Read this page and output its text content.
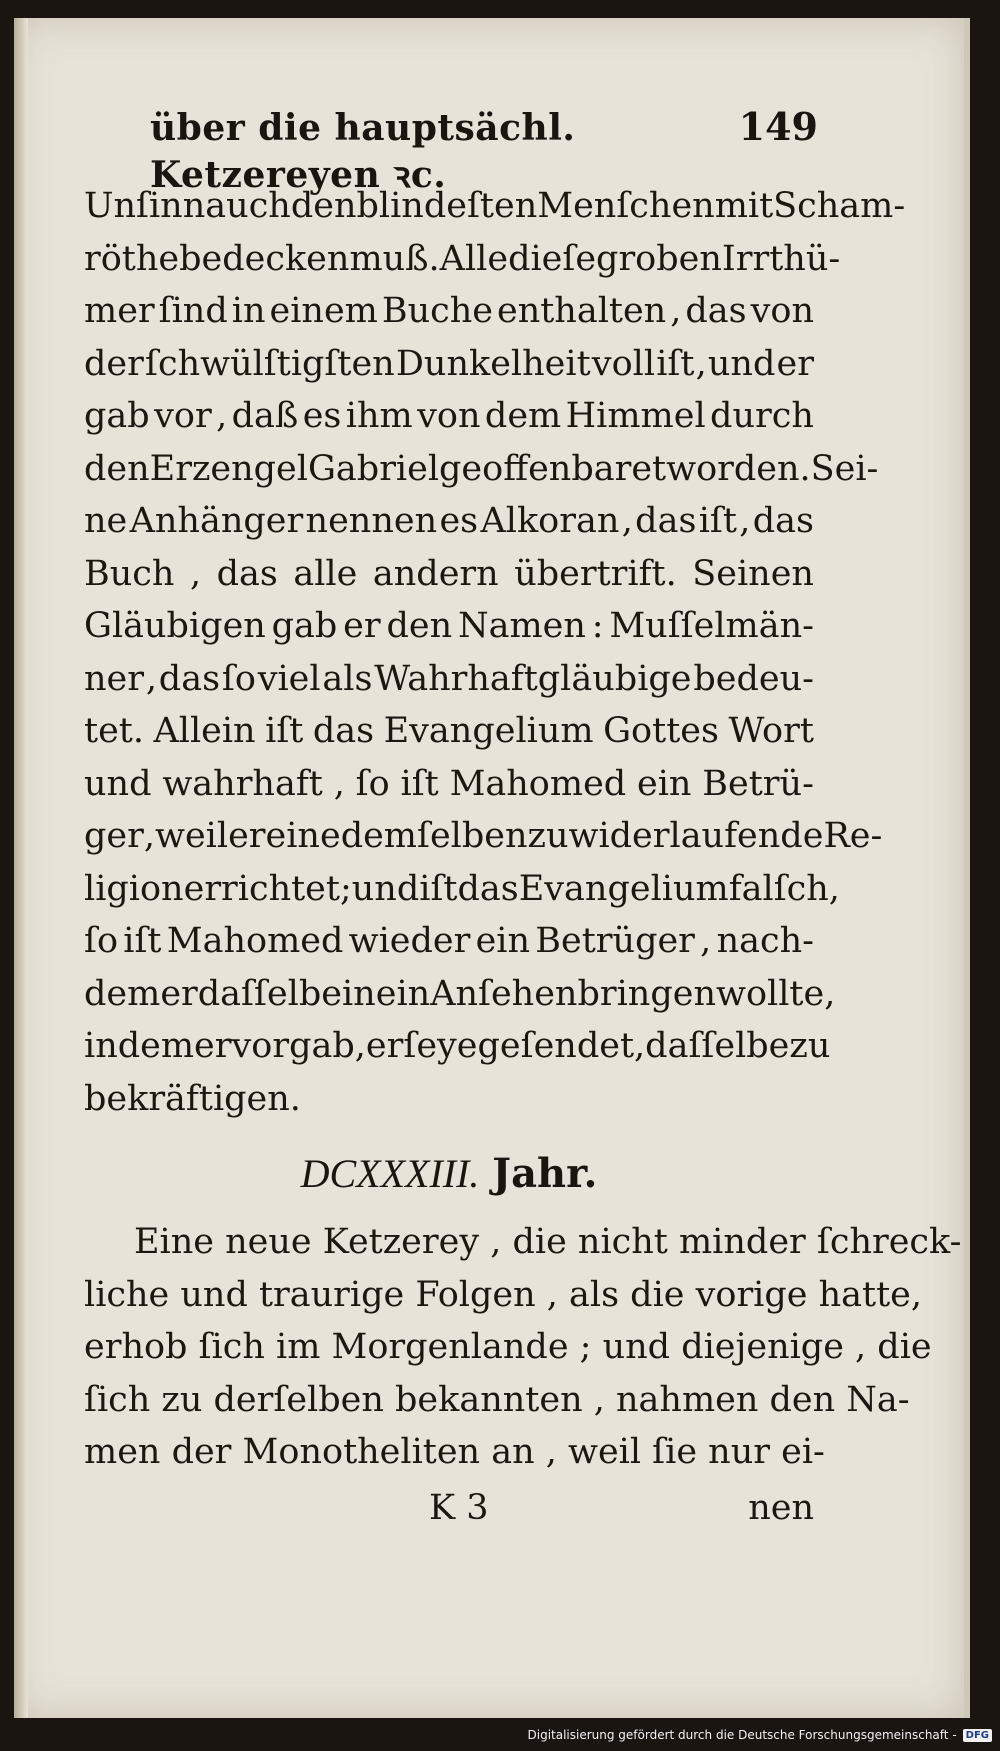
über die hauptsächl. Ketzereyen ꝛc.
149
Unſinn auch den blindeſten Menſchen mit Scham-
röthe bedecken muß. Alle dieſe groben Irrthü-
mer ſind in einem Buche enthalten , das von
der ſchwülſtigſten Dunkelheit voll iſt , und er
gab vor , daß es ihm von dem Himmel durch
den Erzengel Gabriel geoffenbaret worden. Sei-
ne Anhänger nennen es Alkoran , das iſt , das
Buch , das alle andern übertrift. Seinen
Gläubigen gab er den Namen : Muſſelmän-
ner , das ſo viel als Wahrhaftgläubige bedeu-
tet. Allein iſt das Evangelium Gottes Wort
und wahrhaft , ſo iſt Mahomed ein Betrü-
ger , weil er eine demſelben zuwiderlaufende Re-
ligion errichtet ; und iſt das Evangelium falſch,
ſo iſt Mahomed wieder ein Betrüger , nach-
dem er daſſelbe in ein Anſehen bringen wollte ,
indem er vorgab , er ſeye geſendet , daſſelbe zu
bekräftigen.
DCXXXIII. Jahr.
Eine neue Ketzerey , die nicht minder ſchreck-
liche und traurige Folgen , als die vorige hatte,
erhob ſich im Morgenlande ; und diejenige , die
ſich zu derſelben bekannten , nahmen den Na-
men der Monotheliten an , weil ſie nur ei-
K 3	nen
Digitalisierung gefördert durch die Deutsche Forschungsgemeinschaft - DFG
